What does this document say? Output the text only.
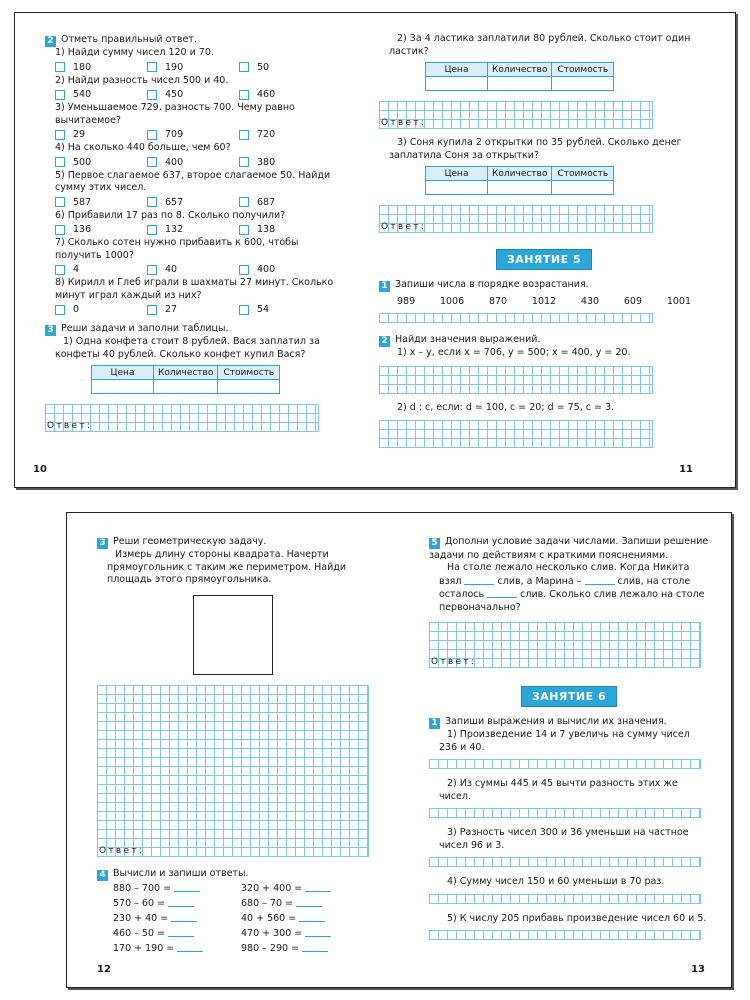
2 Отметь правильный ответ.
1) Найди сумму чисел 120 и 70.
180	190	50
2) Найди разность чисел 500 и 40.
540	450	460
3) Уменьшаемое 729, разность 700. Чему равно вычитаемое?
29	709	720
4) На сколько 440 больше, чем 60?
500	400	380
5) Первое слагаемое 637, второе слагаемое 50. Найди сумму этих чисел.
587	657	687
6) Прибавили 17 раз по 8. Сколько получили?
136	132	138
7) Сколько сотен нужно прибавить к 600, чтобы получить 1000?
4	40	400
8) Кирилл и Глеб играли в шахматы 27 минут. Сколько минут играл каждый из них?
0	27	54
3 Реши задачи и заполни таблицы.
1) Одна конфета стоит 8 рублей. Вася заплатил за конфеты 40 рублей. Сколько конфет купил Вася?
Цена	Количество	Стоимость

Ответ:
10
2) За 4 ластика заплатили 80 рублей. Сколько стоит один ластик?
Цена	Количество	Стоимость

Ответ:
3) Соня купила 2 открытки по 35 рублей. Сколько денег заплатила Соня за открытки?
Цена	Количество	Стоимость

Ответ:
ЗАНЯТИЕ 5
1 Запиши числа в порядке возрастания.
989	1006	870	1012	430	609	1001
2 Найди значения выражений.
1) x – y, если x = 706, y = 500; x = 400, y = 20.
2) d : c, если: d = 100, c = 20; d = 75, c = 3.
11
3 Реши геометрическую задачу.
Измерь длину стороны квадрата. Начерти прямоугольник с таким же периметром. Найди площадь этого прямоугольника.
Ответ:
4 Вычисли и запиши ответы.
880 – 700 =	320 + 400 =
570 – 60 =	680 – 70 =
230 + 40 =	40 + 560 =
460 – 50 =	470 + 300 =
170 + 190 =	980 – 290 =
12
5 Дополни условие задачи числами. Запиши решение задачи по действиям с краткими пояснениями.
На столе лежало несколько слив. Когда Никита взял	слив, а Марина –	слив, на столе осталось	слив. Сколько слив лежало на столе первоначально?
Ответ:
ЗАНЯТИЕ 6
1 Запиши выражения и вычисли их значения.
1) Произведение 14 и 7 увеличь на сумму чисел 236 и 40.
2) Из суммы 445 и 45 вычти разность этих же чисел.
3) Разность чисел 300 и 36 уменьши на частное чисел 96 и 3.
4) Сумму чисел 150 и 60 уменьши в 70 раз.
5) К числу 205 прибавь произведение чисел 60 и 5.
13
